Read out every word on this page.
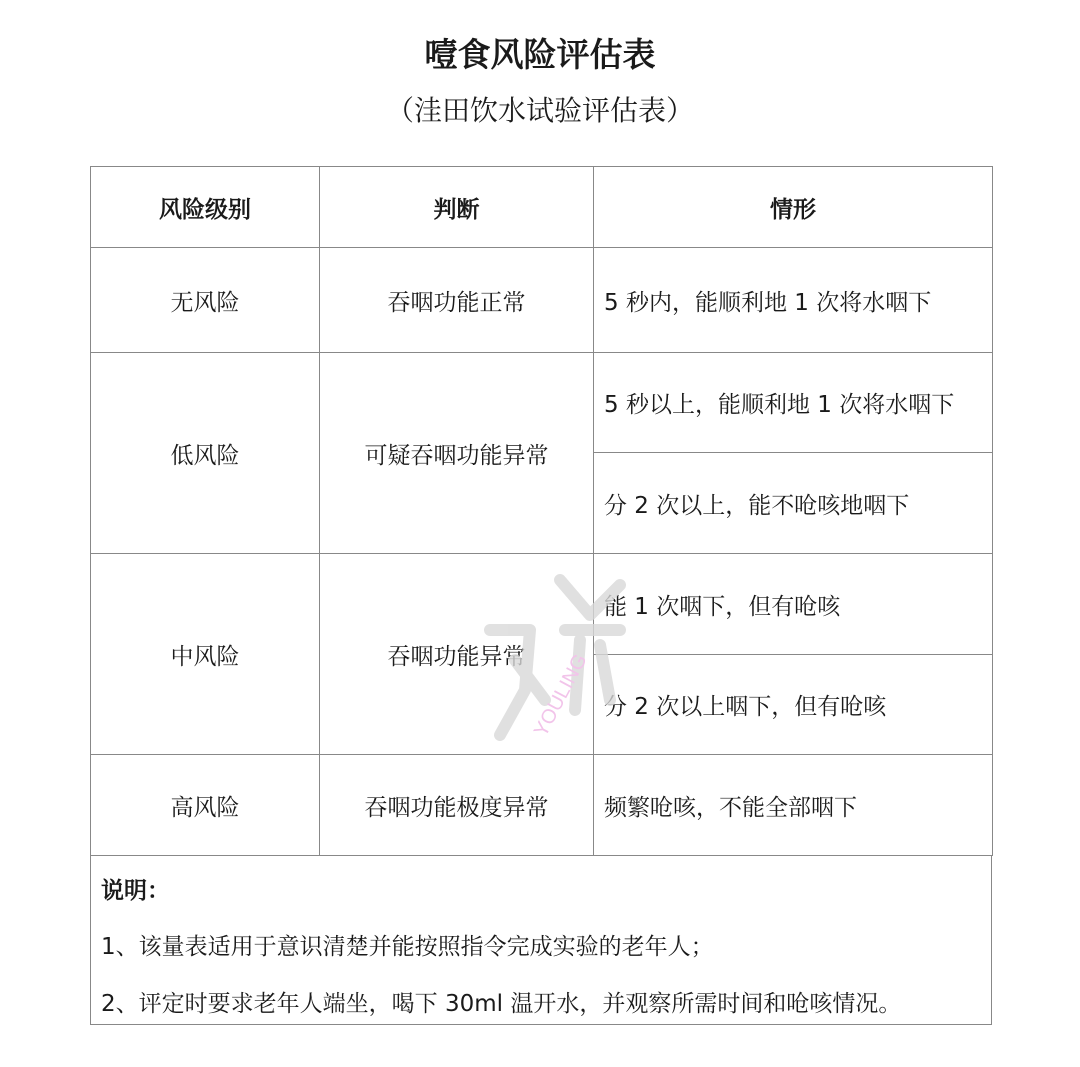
噎食风险评估表
（洼田饮水试验评估表）
风险级别	判断	情形
无风险	吞咽功能正常	5 秒内，能顺利地 1 次将水咽下
低风险	可疑吞咽功能异常	5 秒以上，能顺利地 1 次将水咽下
		分 2 次以上，能不呛咳地咽下
中风险	吞咽功能异常	能 1 次咽下，但有呛咳
		分 2 次以上咽下，但有呛咳
高风险	吞咽功能极度异常	频繁呛咳，不能全部咽下
说明：
1、该量表适用于意识清楚并能按照指令完成实验的老年人；
2、评定时要求老年人端坐，喝下 30ml 温开水，并观察所需时间和呛咳情况。
YOULING
